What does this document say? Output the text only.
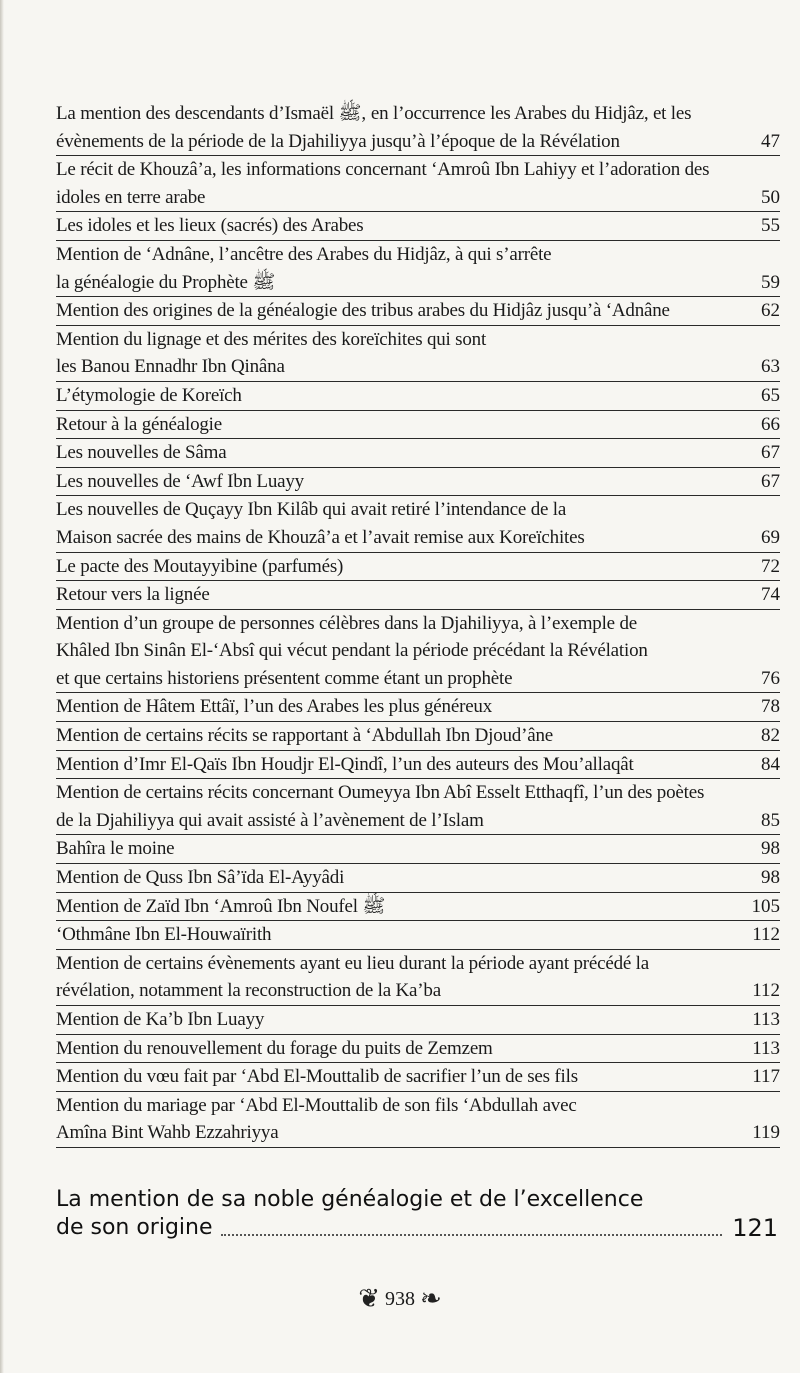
La mention des descendants d’Ismaël ﷺ, en l’occurrence les Arabes du Hidjâz, et les
évènements de la période de la Djahiliyya jusqu’à l’époque de la Révélation	47
Le récit de Khouzâ’a, les informations concernant ‘Amroû Ibn Lahiyy et l’adoration des
idoles en terre arabe	50
Les idoles et les lieux (sacrés) des Arabes	55
Mention de ‘Adnâne, l’ancêtre des Arabes du Hidjâz, à qui s’arrête
la généalogie du Prophète ﷺ	59
Mention des origines de la généalogie des tribus arabes du Hidjâz jusqu’à ‘Adnâne	62
Mention du lignage et des mérites des koreïchites qui sont
les Banou Ennadhr Ibn Qinâna	63
L’étymologie de Koreïch	65
Retour à la généalogie	66
Les nouvelles de Sâma	67
Les nouvelles de ‘Awf Ibn Luayy	67
Les nouvelles de Quçayy Ibn Kilâb qui avait retiré l’intendance de la
Maison sacrée des mains de Khouzâ’a et l’avait remise aux Koreïchites	69
Le pacte des Moutayyibine (parfumés)	72
Retour vers la lignée	74
Mention d’un groupe de personnes célèbres dans la Djahiliyya, à l’exemple de
Khâled Ibn Sinân El-‘Absî qui vécut pendant la période précédant la Révélation
et que certains historiens présentent comme étant un prophète	76
Mention de Hâtem Ettâï, l’un des Arabes les plus généreux	78
Mention de certains récits se rapportant à ‘Abdullah Ibn Djoud’âne	82
Mention d’Imr El-Qaïs Ibn Houdjr El-Qindî, l’un des auteurs des Mou’allaqât	84
Mention de certains récits concernant Oumeyya Ibn Abî Esselt Etthaqfî, l’un des poètes
de la Djahiliyya qui avait assisté à l’avènement de l’Islam	85
Bahîra le moine	98
Mention de Quss Ibn Sâ’ïda El-Ayyâdi	98
Mention de Zaïd Ibn ‘Amroû Ibn Noufel ﷺ	105
‘Othmâne Ibn El-Houwaïrith	112
Mention de certains évènements ayant eu lieu durant la période ayant précédé la
révélation, notamment la reconstruction de la Ka’ba	112
Mention de Ka’b Ibn Luayy	113
Mention du renouvellement du forage du puits de Zemzem	113
Mention du vœu fait par ‘Abd El-Mouttalib de sacrifier l’un de ses fils	117
Mention du mariage par ‘Abd El-Mouttalib de son fils ‘Abdullah avec
Amîna Bint Wahb Ezzahriyya	119
La mention de sa noble généalogie et de l’excellence
de son origine	121
❦ 938 ❧
